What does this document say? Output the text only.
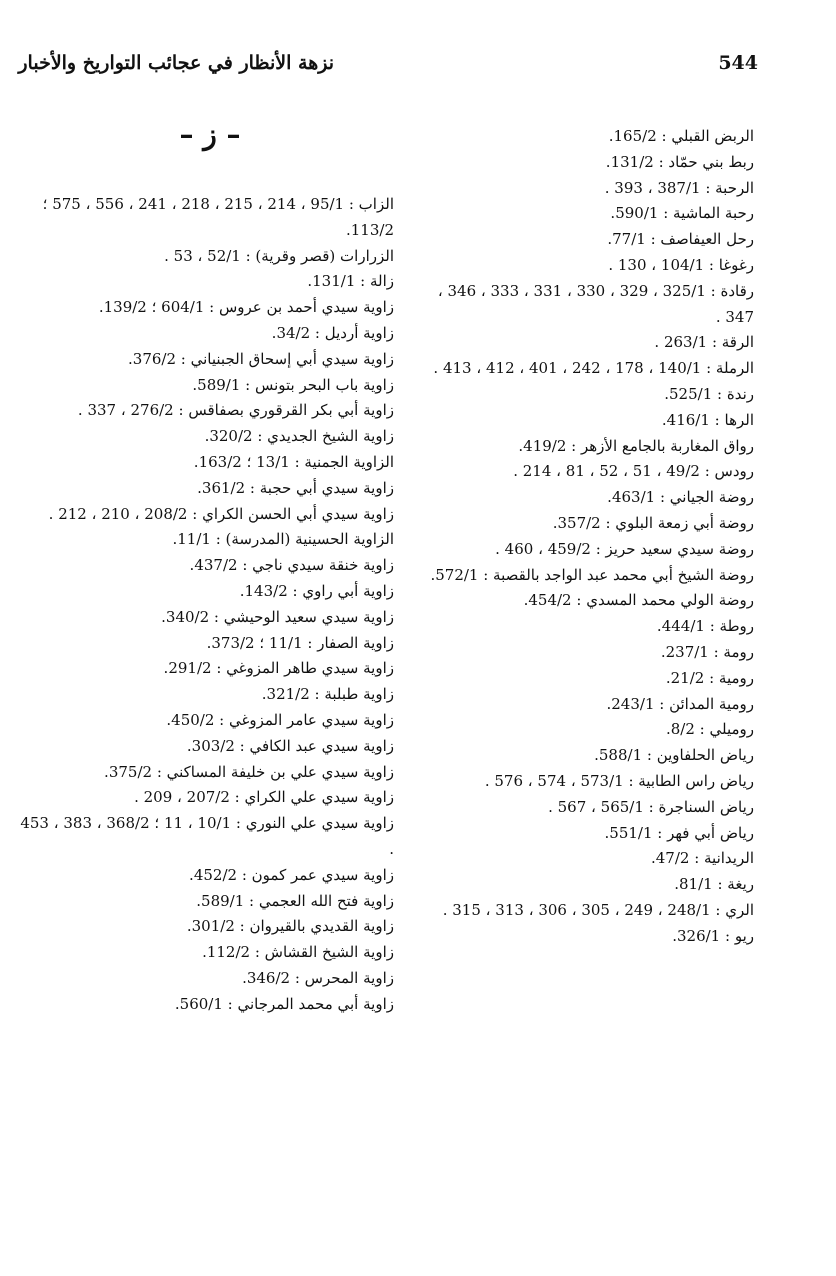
نزهة الأنظار في عجائب التواريخ والأخبار	544
– ز –	الربض القبلي : 165/2.
ربط بني حمّاد : 131/2.
الرحبة : 387/1 ، 393 .
رحبة الماشية : 590/1.
رحل العيفاصف : 77/1.
رغوغا : 104/1 ، 130 .
رقادة : 325/1 ، 329 ، 330 ، 331 ، 333 ، 346 ، 347 .
الرقة : 263/1 .
الرملة : 140/1 ، 178 ، 242 ، 401 ، 412 ، 413 .
رندة : 525/1.
الرها : 416/1.
رواق المغاربة بالجامع الأزهر : 419/2.
رودس : 49/2 ، 51 ، 52 ، 81 ، 214 .
روضة الجياني : 463/1.
روضة أبي زمعة البلوي : 357/2.
روضة سيدي سعيد حريز : 459/2 ، 460 .
روضة الشيخ أبي محمد عبد الواجد بالقصبة : 572/1.
روضة الولي محمد المسدي : 454/2.
روطة : 444/1.
رومة : 237/1.
رومية : 21/2.
رومية المدائن : 243/1.
روميلي : 8/2.
رياض الحلفاوين : 588/1.
رياض راس الطابية : 573/1 ، 574 ، 576 .
رياض السناجرة : 565/1 ، 567 .
رياض أبي فهر : 551/1.
الريدانية : 47/2.
ريغة : 81/1.
الري : 248/1 ، 249 ، 305 ، 306 ، 313 ، 315 .
ريو : 326/1.
الزاب : 95/1 ، 214 ، 215 ، 218 ، 241 ، 556 ، 575 ؛ 113/2.
الزرارات (قصر وقرية) : 52/1 ، 53 .
زالة : 131/1.
زاوية سيدي أحمد بن عروس : 604/1 ؛ 139/2.
زاوية أرديل : 34/2.
زاوية سيدي أبي إسحاق الجبنياني : 376/2.
زاوية باب البحر بتونس : 589/1.
زاوية أبي بكر القرقوري بصفاقس : 276/2 ، 337 .
زاوية الشيخ الجديدي : 320/2.
الزاوية الجمنية : 13/1 ؛ 163/2.
زاوية سيدي أبي حجبة : 361/2.
زاوية سيدي أبي الحسن الكراي : 208/2 ، 210 ، 212 .
الزاوية الحسينية (المدرسة) : 11/1.
زاوية خنقة سيدي ناجي : 437/2.
زاوية أبي راوي : 143/2.
زاوية سيدي سعيد الوحيشي : 340/2.
زاوية الصفار : 11/1 ؛ 373/2.
زاوية سيدي طاهر المزوغي : 291/2.
زاوية طبلبة : 321/2.
زاوية سيدي عامر المزوغي : 450/2.
زاوية سيدي عبد الكافي : 303/2.
زاوية سيدي علي بن خليفة المساكني : 375/2.
زاوية سيدي علي الكراي : 207/2 ، 209 .
زاوية سيدي علي النوري : 10/1 ، 11 ؛ 368/2 ، 383 ، 453 .
زاوية سيدي عمر كمون : 452/2.
زاوية فتح الله العجمي : 589/1.
زاوية القديدي بالقيروان : 301/2.
زاوية الشيخ القشاش : 112/2.
زاوية المحرس : 346/2.
زاوية أبي محمد المرجاني : 560/1.
